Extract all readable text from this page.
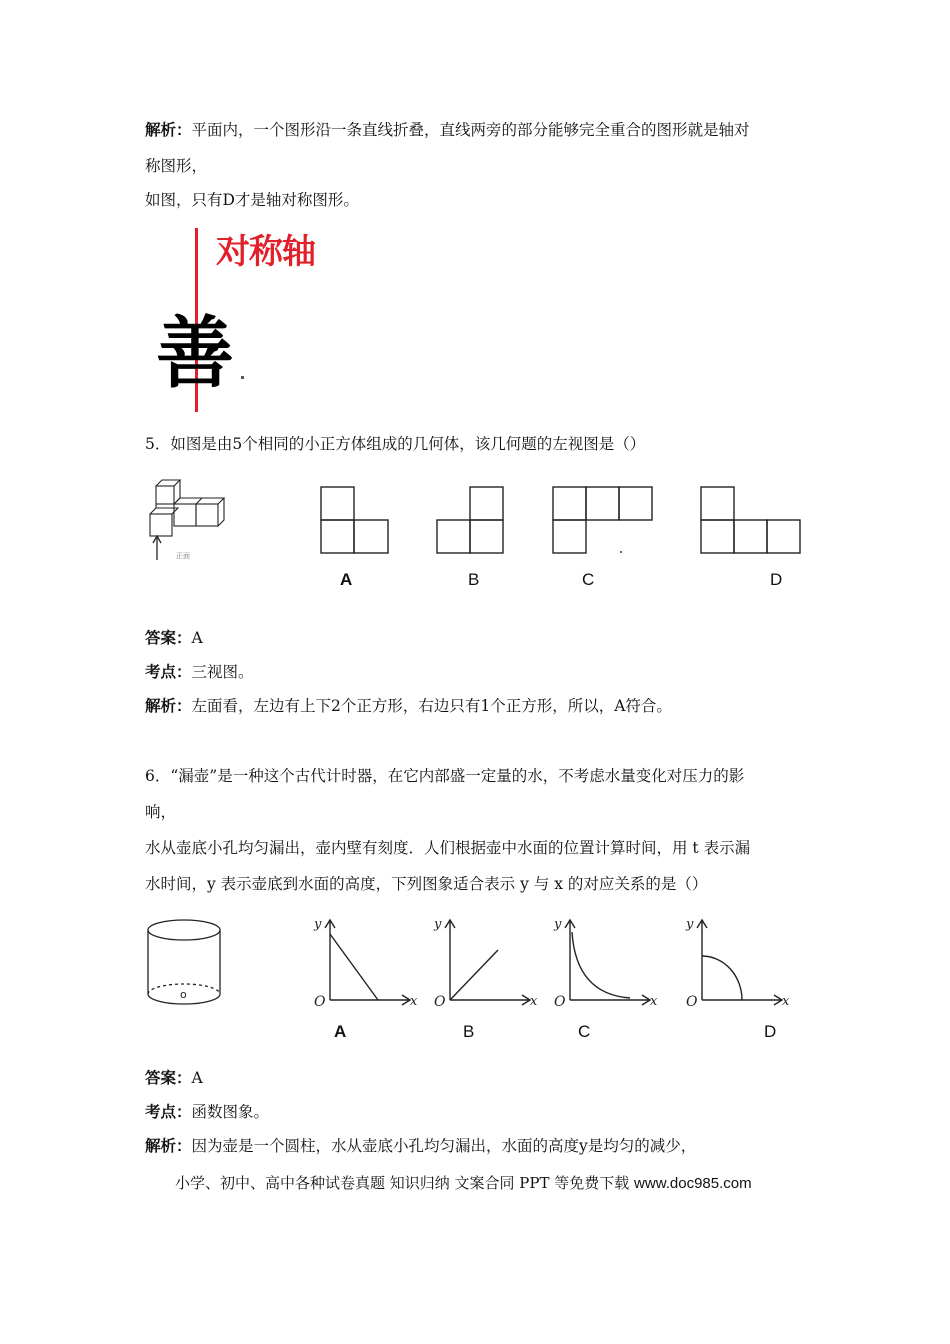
解析：平面内，一个图形沿一条直线折叠，直线两旁的部分能够完全重合的图形就是轴对
称图形，
如图，只有D才是轴对称图形。
对称轴
善
5．如图是由5个相同的小正方体组成的几何体，该几何题的左视图是（）
正面
A	B	C	D
答案：A
考点：三视图。
解析：左面看，左边有上下2个正方形，右边只有1个正方形，所以，A符合。
6．“漏壶”是一种这个古代计时器，在它内部盛一定量的水，不考虑水量变化对压力的影
响，
水从壶底小孔均匀漏出，壶内壁有刻度．人们根据壶中水面的位置计算时间，用 t 表示漏
水时间，y 表示壶底到水面的高度，下列图象适合表示 y 与 x 的对应关系的是（）
o
y
x
O
A
y
x
O
B
y
x
O
C
y
x
O
D
答案：A
考点：函数图象。
解析：因为壶是一个圆柱，水从壶底小孔均匀漏出，水面的高度y是均匀的减少，
小学、初中、高中各种试卷真题 知识归纳 文案合同 PPT 等免费下载 www.doc985.com
